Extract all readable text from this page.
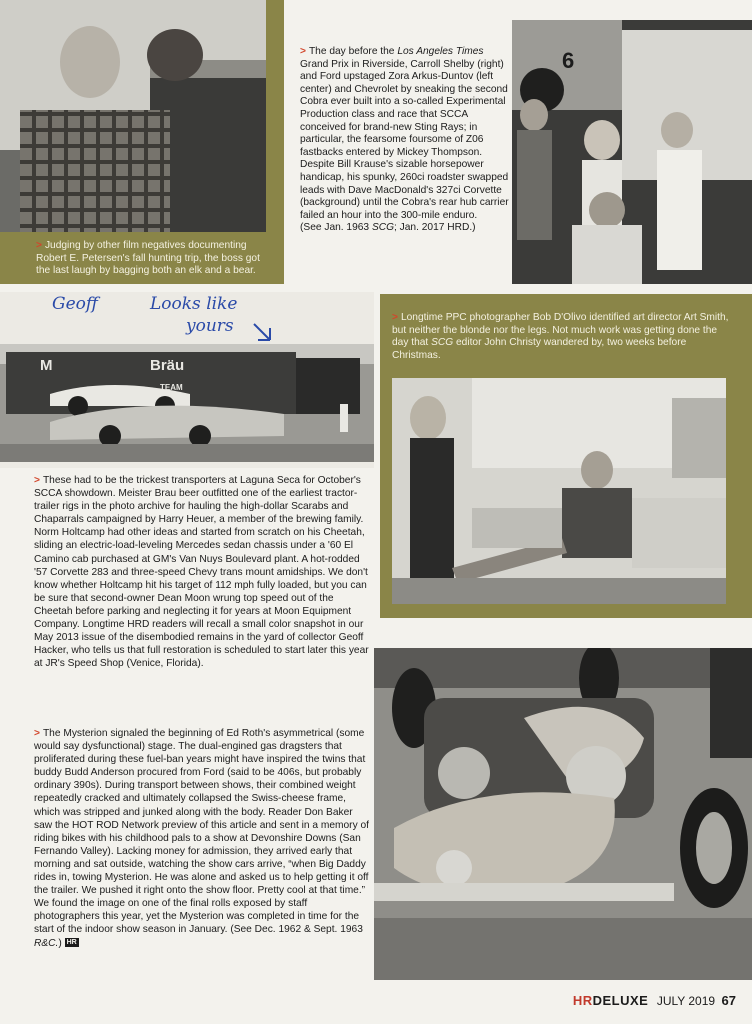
> Judging by other film negatives documenting Robert E. Petersen's fall hunting trip, the boss got the last laugh by bagging both an elk and a bear.
> The day before the Los Angeles Times Grand Prix in Riverside, Carroll Shelby (right) and Ford upstaged Zora Arkus-Duntov (left center) and Chevrolet by sneaking the second Cobra ever built into a so-called Experimental Production class and race that SCCA conceived for brand-new Sting Rays; in particular, the fearsome foursome of Z06 fastbacks entered by Mickey Thompson. Despite Bill Krause's sizable horsepower handicap, his spunky, 260ci roadster swapped leads with Dave MacDonald's 327ci Corvette (background) until the Cobra's rear hub carrier failed an hour into the 300-mile enduro.
(See Jan. 1963 SCG; Jan. 2017 HRD.)
6
Geoff	Looks like
yours
M	Bräu
TEAM
> Longtime PPC photographer Bob D'Olivo identified art director Art Smith, but neither the blonde nor the legs. Not much work was getting done the day that SCG editor John Christy wandered by, two weeks before Christmas.
> These had to be the trickest transporters at Laguna Seca for October's SCCA showdown. Meister Brau beer outfitted one of the earliest tractor-trailer rigs in the photo archive for hauling the high-dollar Scarabs and Chaparrals campaigned by Harry Heuer, a member of the brewing family. Norm Holtcamp had other ideas and started from scratch on his Cheetah, sliding an electric-load-leveling Mercedes sedan chassis under a '60 El Camino cab purchased at GM's Van Nuys Boulevard plant. A hot-rodded '57 Corvette 283 and three-speed Chevy trans mount amidships. We don't know whether Holtcamp hit his target of 112 mph fully loaded, but you can be sure that second-owner Dean Moon wrung top speed out of the Cheetah before parking and neglecting it for years at Moon Equipment Company. Longtime HRD readers will recall a small color snapshot in our May 2013 issue of the disembodied remains in the yard of collector Geoff Hacker, who tells us that full restoration is scheduled to start later this year at JR's Speed Shop (Venice, Florida).
> The Mysterion signaled the beginning of Ed Roth's asymmetrical (some would say dysfunctional) stage. The dual-engined gas dragsters that proliferated during these fuel-ban years might have inspired the twins that buddy Budd Anderson procured from Ford (said to be 406s, but probably ordinary 390s). During transport between shows, their combined weight repeatedly cracked and ultimately collapsed the Swiss-cheese frame, which was stripped and junked along with the body. Reader Don Baker saw the HOT ROD Network preview of this article and sent in a memory of riding bikes with his childhood pals to a show at Devonshire Downs (San Fernando Valley). Lacking money for admission, they arrived early that morning and sat outside, watching the show cars arrive, “when Big Daddy rides in, towing Mysterion. He was alone and asked us to help getting it off the trailer. We pushed it right onto the show floor. Pretty cool at that time.” We found the image on one of the final rolls exposed by staff photographers this year, yet the Mysterion was completed in time for the start of the indoor show season in January. (See Dec. 1962 & Sept. 1963 R&C.) HR
HRDELUXE JULY 2019 67
